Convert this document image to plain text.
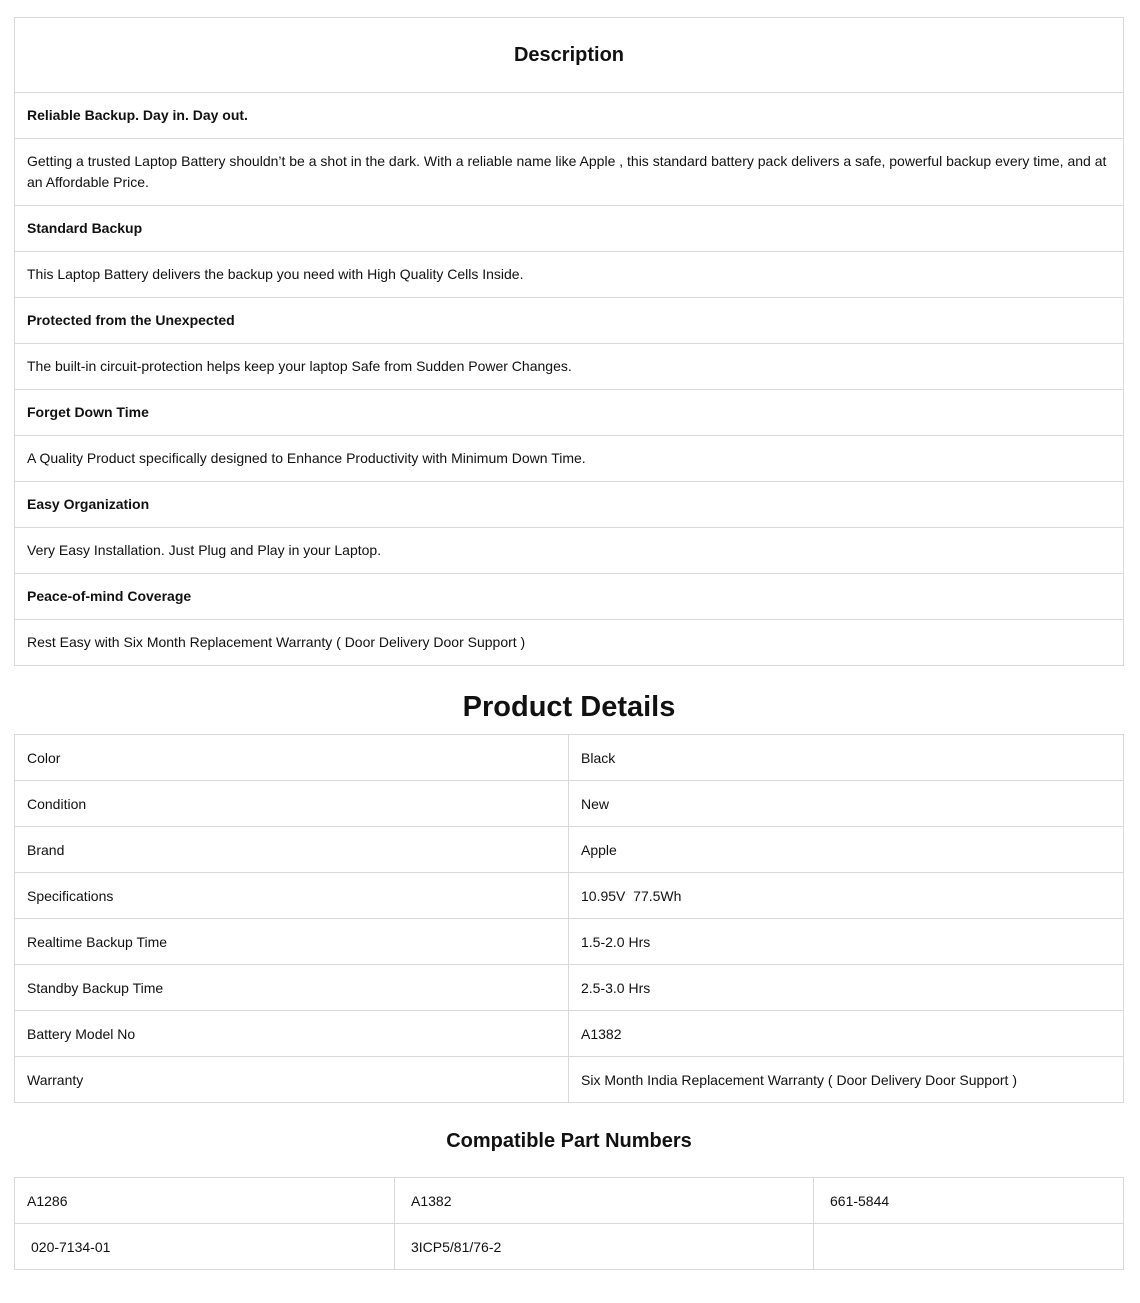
Description
Reliable Backup. Day in. Day out.
Getting a trusted Laptop Battery shouldn’t be a shot in the dark. With a reliable name like Apple , this standard battery pack delivers a safe, powerful backup every time, and at an Affordable Price.
Standard Backup
This Laptop Battery delivers the backup you need with High Quality Cells Inside.
Protected from the Unexpected
The built-in circuit-protection helps keep your laptop Safe from Sudden Power Changes.
Forget Down Time
A Quality Product specifically designed to Enhance Productivity with Minimum Down Time.
Easy Organization
Very Easy Installation. Just Plug and Play in your Laptop.
Peace-of-mind Coverage
Rest Easy with Six Month Replacement Warranty ( Door Delivery Door Support )
Product Details
Color	Black
Condition	New
Brand	Apple
Specifications	10.95V  77.5Wh
Realtime Backup Time	1.5-2.0 Hrs
Standby Backup Time	2.5-3.0 Hrs
Battery Model No	A1382
Warranty	Six Month India Replacement Warranty ( Door Delivery Door Support )
Compatible Part Numbers
A1286	A1382	661-5844
020-7134-01	3ICP5/81/76-2	
